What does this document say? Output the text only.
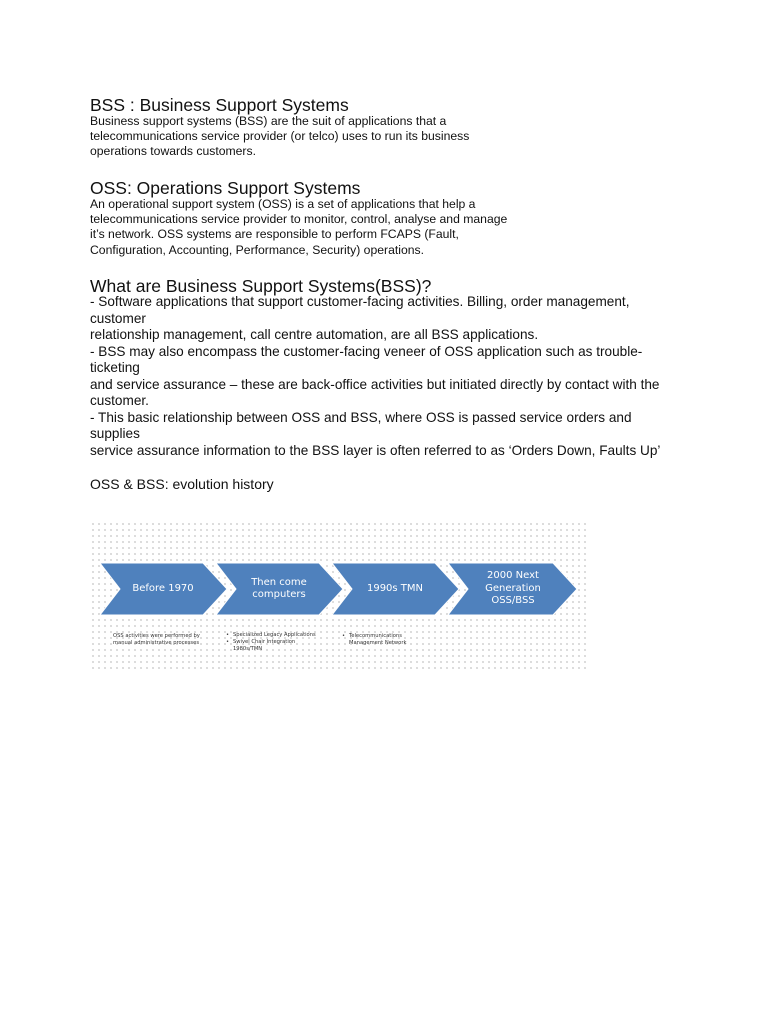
BSS : Business Support Systems
Business support systems (BSS) are the suit of applications that a
telecommunications service provider (or telco) uses to run its business
operations towards customers.
OSS: Operations Support Systems
An operational support system (OSS) is a set of applications that help a
telecommunications service provider to monitor, control, analyse and manage
it’s network. OSS systems are responsible to perform FCAPS (Fault,
Configuration, Accounting, Performance, Security) operations.
What are Business Support Systems(BSS)?
- Software applications that support customer-facing activities. Billing, order management,
customer
relationship management, call centre automation, are all BSS applications.
- BSS may also encompass the customer-facing veneer of OSS application such as trouble-
ticketing
and service assurance – these are back-office activities but initiated directly by contact with the
customer.
- This basic relationship between OSS and BSS, where OSS is passed service orders and
supplies
service assurance information to the BSS layer is often referred to as ‘Orders Down, Faults Up’
OSS & BSS: evolution history
Before 1970
Then come
computers
1990s TMN
2000 Next
Generation
OSS/BSS
OSS activities were performed by
manual administrative processes
• Specialized Legacy Applications
• Swivel Chair Integration
1980s/TMN
• Telecommunications
Management Network
